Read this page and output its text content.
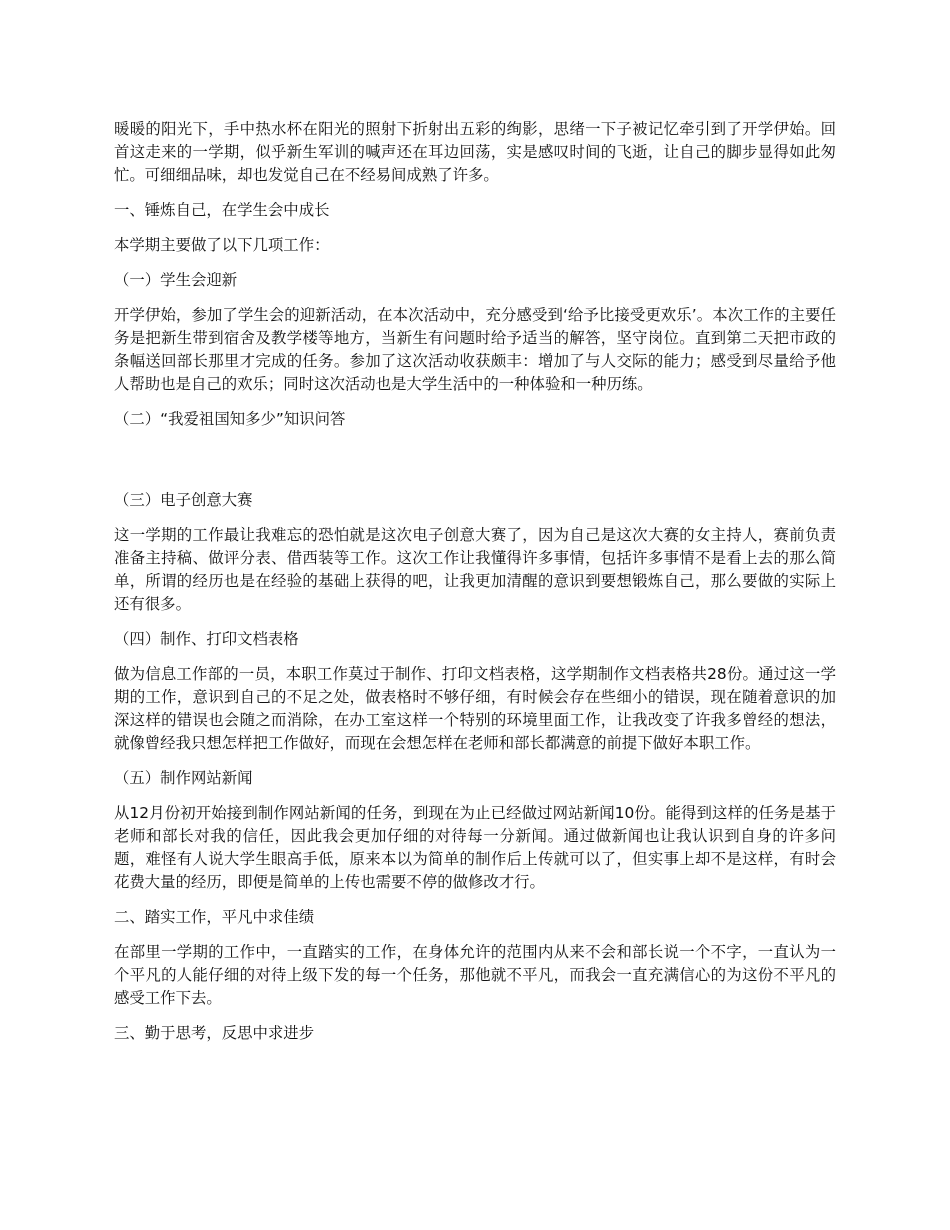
暖暖的阳光下，手中热水杯在阳光的照射下折射出五彩的绚影，思绪一下子被记忆牵引到了开学伊始。回首这走来的一学期，似乎新生军训的喊声还在耳边回荡，实是感叹时间的飞逝，让自己的脚步显得如此匆忙。可细细品味，却也发觉自己在不经易间成熟了许多。

一、锤炼自己，在学生会中成长

本学期主要做了以下几项工作：

（一）学生会迎新

开学伊始，参加了学生会的迎新活动，在本次活动中，充分感受到‘给予比接受更欢乐’。本次工作的主要任务是把新生带到宿舍及教学楼等地方，当新生有问题时给予适当的解答，坚守岗位。直到第二天把市政的条幅送回部长那里才完成的任务。参加了这次活动收获颇丰：增加了与人交际的能力；感受到尽量给予他人帮助也是自己的欢乐；同时这次活动也是大学生活中的一种体验和一种历练。

（二）“我爱祖国知多少”知识问答

（三）电子创意大赛

这一学期的工作最让我难忘的恐怕就是这次电子创意大赛了，因为自己是这次大赛的女主持人，赛前负责准备主持稿、做评分表、借西装等工作。这次工作让我懂得许多事情，包括许多事情不是看上去的那么简单，所谓的经历也是在经验的基础上获得的吧，让我更加清醒的意识到要想锻炼自己，那么要做的实际上还有很多。

（四）制作、打印文档表格

做为信息工作部的一员，本职工作莫过于制作、打印文档表格，这学期制作文档表格共28份。通过这一学期的工作，意识到自己的不足之处，做表格时不够仔细，有时候会存在些细小的错误，现在随着意识的加深这样的错误也会随之而消除，在办工室这样一个特别的环境里面工作，让我改变了许我多曾经的想法，就像曾经我只想怎样把工作做好，而现在会想怎样在老师和部长都满意的前提下做好本职工作。

（五）制作网站新闻

从12月份初开始接到制作网站新闻的任务，到现在为止已经做过网站新闻10份。能得到这样的任务是基于老师和部长对我的信任，因此我会更加仔细的对待每一分新闻。通过做新闻也让我认识到自身的许多问题，难怪有人说大学生眼高手低，原来本以为简单的制作后上传就可以了，但实事上却不是这样，有时会花费大量的经历，即便是简单的上传也需要不停的做修改才行。

二、踏实工作，平凡中求佳绩

在部里一学期的工作中，一直踏实的工作，在身体允许的范围内从来不会和部长说一个不字，一直认为一个平凡的人能仔细的对待上级下发的每一个任务，那他就不平凡，而我会一直充满信心的为这份不平凡的感受工作下去。

三、勤于思考，反思中求进步
